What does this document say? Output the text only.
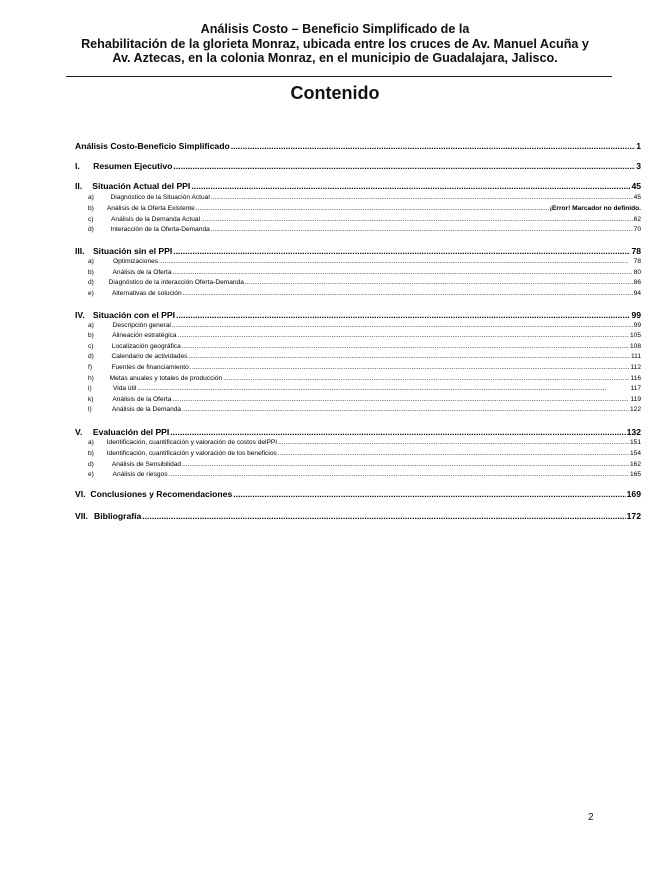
Análisis Costo – Beneficio Simplificado de la
Rehabilitación de la glorieta Monraz, ubicada entre los cruces de Av. Manuel Acuña y
Av. Aztecas, en la colonia Monraz, en el municipio de Guadalajara, Jalisco.
Contenido
Análisis Costo-Beneficio Simplificado .....	1
I.	Resumen Ejecutivo .....	3
II.	Situación Actual del PPI .....	45
a)	Diagnóstico de la Situación Actual .....	45
b)	Análisis de la Oferta Existente .....	¡Error! Marcador no definido.
c)	Análisis de la Demanda Actual .....	62
d)	Interacción de la Oferta-Demanda .....	70
III. Situación sin el PPI .....	78
a)	Optimizaciones .....	78
b)	Análisis de la Oferta .....	80
d)	Diagnóstico de la interacción Oferta-Demanda .....	86
e)	Alternativas de solución .....	94
IV. Situación con el PPI .....	99
a)	Descripción general .....	99
b)	Alineación estratégica .....	105
c)	Localización geográfica .....	108
d)	Calendario de actividades .....	111
f)	Fuentes de financiamiento .....	112
h)	Metas anuales y totales de producción .....	116
i)	Vida útil .....	117
k)	Análisis de la Oferta .....	119
l)	Análisis de la Demanda .....	122
V.	Evaluación del PPI .....	132
a)	Identificación, cuantificación y valoración de costos delPPI .....	151
b)	Identificación, cuantificación y valoración de los beneficios .....	154
d)	Análisis de Sensibilidad .....	162
e)	Análisis de riesgos .....	165
VI. Conclusiones y Recomendaciones .....	169
VII. Bibliografía .....	172
2
